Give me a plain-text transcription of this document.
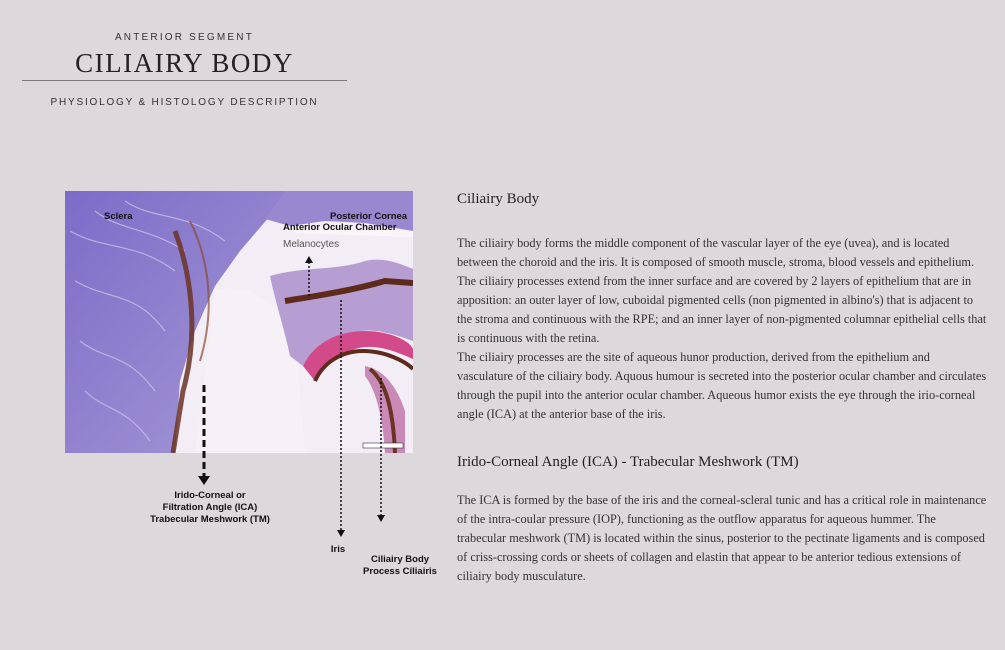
ANTERIOR SEGMENT
CILIAIRY BODY
PHYSIOLOGY & HISTOLOGY DESCRIPTION
Sclera	Posterior Cornea
Anterior Ocular Chamber
Melanocytes
Irido-Corneal or
Filtration Angle (ICA)
Trabecular Meshwork (TM)
Iris
Ciliairy Body
Process Ciliairis
Ciliairy Body
The ciliairy body forms the middle component of the vascular layer of the eye (uvea), and is located between the choroid and the iris. It is composed of smooth muscle, stroma, blood vessels and epithelium. The ciliairy processes extend from the inner surface and are covered by 2 layers of epithelium that are in apposition: an outer layer of low, cuboidal pigmented cells (non pigmented in albino's) that is adjacent to the stroma and continuous with the RPE; and an inner layer of non-pigmented columnar epithelial cells that is continuous with the retina.
The ciliairy processes are the site of aqueous hunor production, derived from the epithelium and vasculature of the ciliairy body. Aquous humour is secreted into the posterior ocular chamber and circulates through the pupil into the anterior ocular chamber. Aqueous humor exists the eye through the irio-corneal angle (ICA) at the anterior base of the iris.
Irido-Corneal Angle (ICA) - Trabecular Meshwork (TM)
The ICA is formed by the base of the iris and the corneal-scleral tunic and has a critical role in maintenance of the intra-coular pressure (IOP), functioning as the outflow apparatus for aqueous hummer. The trabecular meshwork (TM) is located within the sinus, posterior to the pectinate ligaments and is composed of criss-crossing cords or sheets of collagen and elastin that appear to be anterior tedious extensions of ciliairy body musculature.
